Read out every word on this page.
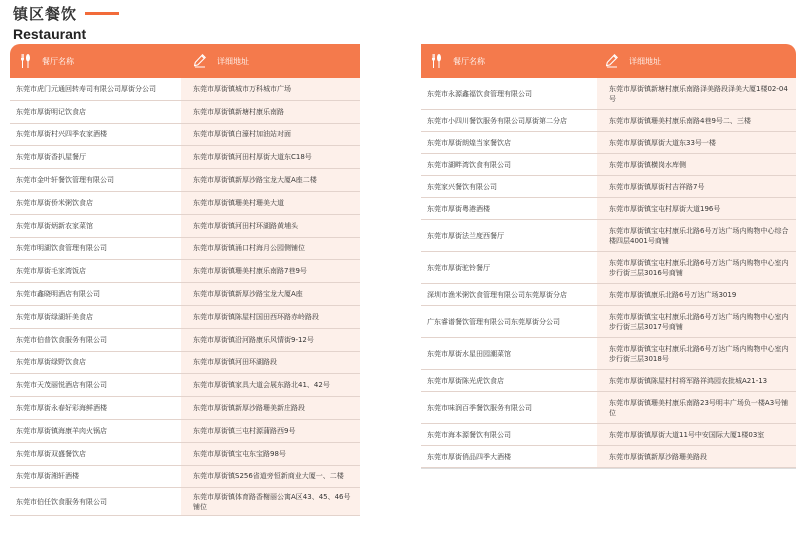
镇区餐饮
Restaurant
餐厅名称	详细地址
东莞市虎门元通回转寿司有限公司厚街分公司
东莞市厚街明记饮食店
东莞市厚街村兴四季农家酒楼
东莞市厚街香扒屋餐厅
东莞市金叶轩餐饮管理有限公司
东莞市厚街侨米粥饮食店
东莞市厚街炳新农家菜馆
东莞市明湖饮食管理有限公司
东莞市厚街毛家湾饭店
东莞市鑫晓明酒店有限公司
东莞市厚街绿湖轩美食店
东莞市伯普饮食服务有限公司
东莞市厚街绿野饮食店
东莞市天茂丽悦酒店有限公司
东莞市厚街永春好彩海鲜酒楼
东莞市厚街镇海康羊肉火锅店
东莞市厚街双盛餐饮店
东莞市厚街湘轩酒楼
东莞市伯任饮食服务有限公司
东莞市厚街镇城市万科城市广场
东莞市厚街镇新塘村康乐南路
东莞市厚街镇白濠村加油站对面
东莞市厚街镇河田村厚街大道东C18号
东莞市厚街镇新厚沙路宝龙大厦A座二楼
东莞市厚街镇珊美村珊美大道
东莞市厚街镇河田村环湖路黄埔头
东莞市厚街镇涌口村海月公园侧铺位
东莞市厚街镇珊美村康乐南路7巷9号
东莞市厚街镇新厚沙路宝龙大厦A座
东莞市厚街镇陈屋村国田西环路赤岭路段
东莞市厚街镇沿河路康乐风情街9-12号
东莞市厚街镇河田环湖路段
东莞市厚街镇家具大道会展东路北41、42号
东莞市厚街镇新厚沙路珊美新庄路段
东莞市厚街镇三屯村源蒲路西9号
东莞市厚街镇宝屯东宝路98号
东莞市厚街镇S256省道旁恒新商业大厦一、二楼
东莞市厚街镇体育路香榭丽公寓A区43、45、46号铺位
餐厅名称	详细地址
东莞市永源鑫福饮食管理有限公司
东莞市小四川餐饮服务有限公司厚街第二分店
东莞市厚街朗煌当家餐饮店
东莞市湖畔湾饮食有限公司
东莞家兴餐饮有限公司
东莞市厚街粤港酒楼
东莞市厚街法兰度西餐厅
东莞市厚街驼铃餐厅
深圳市渔米粥饮食管理有限公司东莞厚街分店
广东睿谱餐饮管理有限公司东莞厚街分公司
东莞市厚街水星田园潮菜馆
东莞市厚街陈光虎饮食店
东莞市味润百季餐饮服务有限公司
东莞市海本源餐饮有限公司
东莞市厚街俏品四季大酒楼
东莞市厚街镇新塘村康乐南路泽美路段泽美大厦1楼02-04号
东莞市厚街镇珊美村康乐南路4巷9号二、三楼
东莞市厚街镇厚街大道东33号一楼
东莞市厚街镇横岗水库侧
东莞市厚街镇厚街村吉祥路7号
东莞市厚街镇宝屯村厚街大道196号
东莞市厚街镇宝屯村康乐北路6号万达广场内购物中心综合楼四层4001号商铺
东莞市厚街镇宝屯村康乐北路6号万达广场内购物中心室内步行街三层3016号商铺
东莞市厚街镇康乐北路6号万达广场3019
东莞市厚街镇宝屯村康乐北路6号万达广场内购物中心室内步行街三层3017号商铺
东莞市厚街镇宝屯村康乐北路6号万达广场内购物中心室内步行街三层3018号
东莞市厚街镇陈屋村村将军路祥鸿园农批城A21-13
东莞市厚街镇珊美村康乐南路23号明丰广场负一楼A3号铺位
东莞市厚街镇厚街大道11号中安国际大厦1楼03室
东莞市厚街镇新厚沙路珊美路段
